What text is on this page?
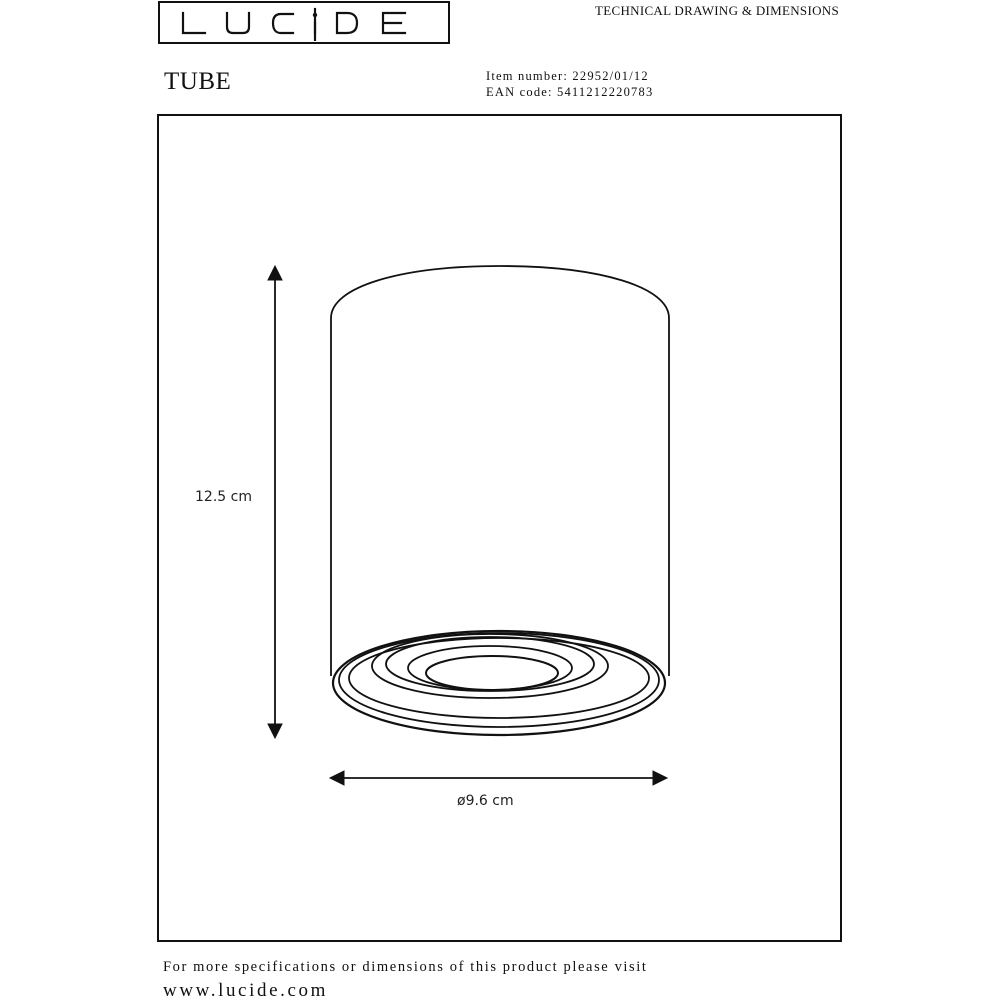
TECHNICAL DRAWING & DIMENSIONS
TUBE	Item number: 22952/01/12
EAN code: 5411212220783
12.5 cm
ø9.6 cm
For more specifications or dimensions of this product please visit
www.lucide.com
